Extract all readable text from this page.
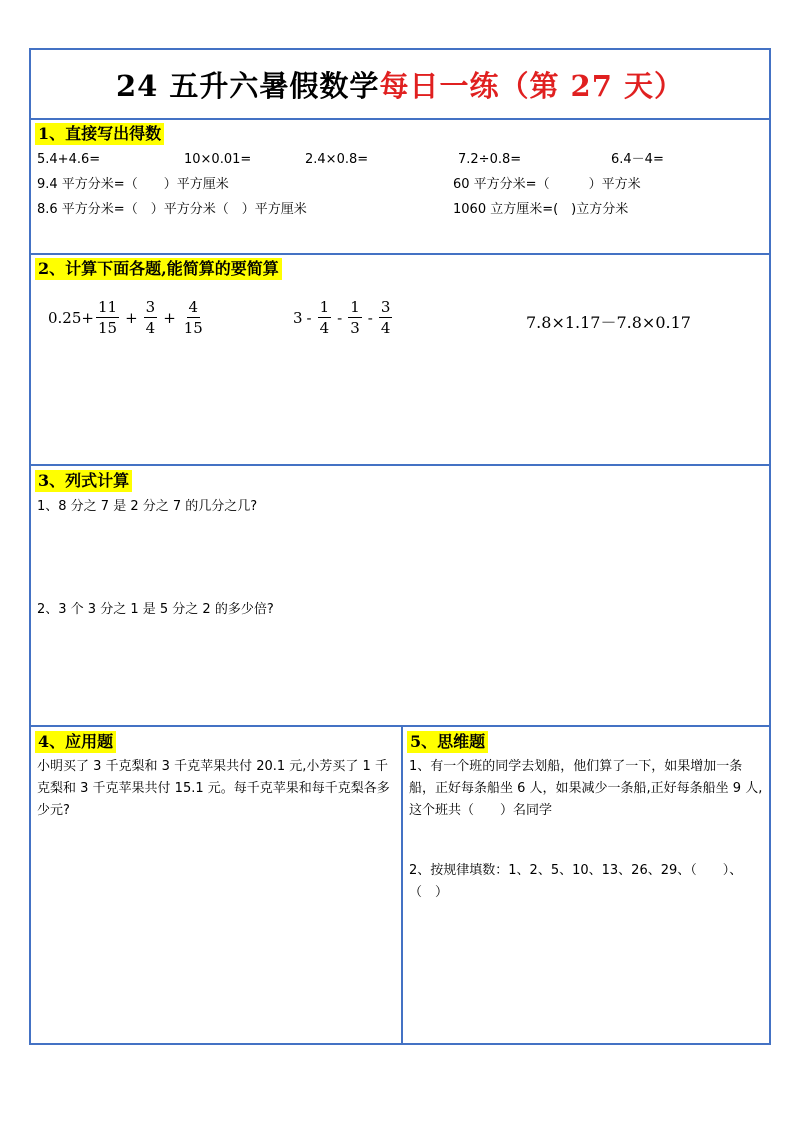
24 五升六暑假数学 每日一练（第 27 天）
1、直接写出得数
5.4+4.6=	10×0.01=	2.4×0.8=	7.2÷0.8=	6.4－4=
9.4 平方分米=（　　）平方厘米	60 平方分米=（　　　）平方米
8.6 平方分米=（　）平方分米（　）平方厘米	1060 立方厘米=(　)立方分米
2、计算下面各题,能简算的要简算
$0.25+ \frac{11}{15} + \frac{3}{4} + \frac{4}{15}$	$3 - \frac{1}{4} - \frac{1}{3} - \frac{3}{4}$	7.8×1.17－7.8×0.17
3、列式计算
1、8 分之 7 是 2 分之 7 的几分之几?
2、3 个 3 分之 1 是 5 分之 2 的多少倍?
4、应用题
小明买了 3 千克梨和 3 千克苹果共付 20.1 元,小芳买了 1 千克梨和 3 千克苹果共付 15.1 元。每千克苹果和每千克梨各多少元?
5、思维题
1、有一个班的同学去划船，他们算了一下，如果增加一条船，正好每条船坐 6 人，如果减少一条船,正好每条船坐 9 人,这个班共（　　）名同学
2、按规律填数：1、2、5、10、13、26、29、（　　）、（　）
